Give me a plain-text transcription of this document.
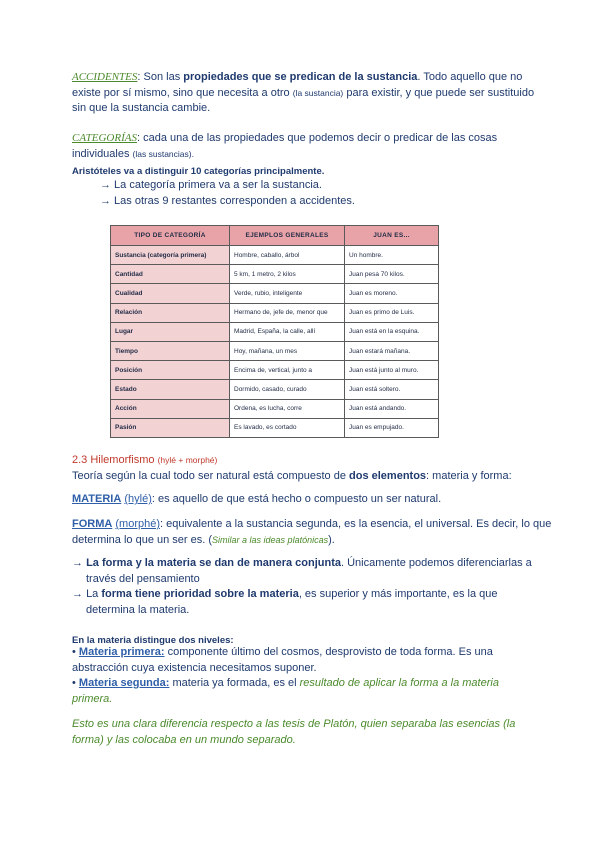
ACCIDENTES: Son las propiedades que se predican de la sustancia. Todo aquello que no existe por sí mismo, sino que necesita a otro (la sustancia) para existir, y que puede ser sustituido sin que la sustancia cambie.
CATEGORÍAS: cada una de las propiedades que podemos decir o predicar de las cosas individuales (las sustancias).
Aristóteles va a distinguir 10 categorías principalmente.
→ La categoría primera va a ser la sustancia.
→ Las otras 9 restantes corresponden a accidentes.
TIPO DE CATEGORÍA	EJEMPLOS GENERALES	JUAN ES...
Sustancia (categoría primera)	Hombre, caballo, árbol	Un hombre.
Cantidad	5 km, 1 metro, 2 kilos	Juan pesa 70 kilos.
Cualidad	Verde, rubio, inteligente	Juan es moreno.
Relación	Hermano de, jefe de, menor que	Juan es primo de Luis.
Lugar	Madrid, España, la calle, allí	Juan está en la esquina.
Tiempo	Hoy, mañana, un mes	Juan estará mañana.
Posición	Encima de, vertical, junto a	Juan está junto al muro.
Estado	Dormido, casado, curado	Juan está soltero.
Acción	Ordena, es lucha, corre	Juan está andando.
Pasión	Es lavado, es cortado	Juan es empujado.
2.3 Hilemorfismo (hylé + morphé)
Teoría según la cual todo ser natural está compuesto de dos elementos: materia y forma:
MATERIA (hylé): es aquello de que está hecho o compuesto un ser natural.
FORMA (morphé): equivalente a la sustancia segunda, es la esencia, el universal. Es decir, lo que determina lo que un ser es. (Similar a las ideas platónicas).
→ La forma y la materia se dan de manera conjunta. Únicamente podemos diferenciarlas a través del pensamiento
→ La forma tiene prioridad sobre la materia, es superior y más importante, es la que determina la materia.
En la materia distingue dos niveles:
• Materia primera: componente último del cosmos, desprovisto de toda forma. Es una abstracción cuya existencia necesitamos suponer.
• Materia segunda: materia ya formada, es el resultado de aplicar la forma a la materia primera.
Esto es una clara diferencia respecto a las tesis de Platón, quien separaba las esencias (la forma) y las colocaba en un mundo separado.
